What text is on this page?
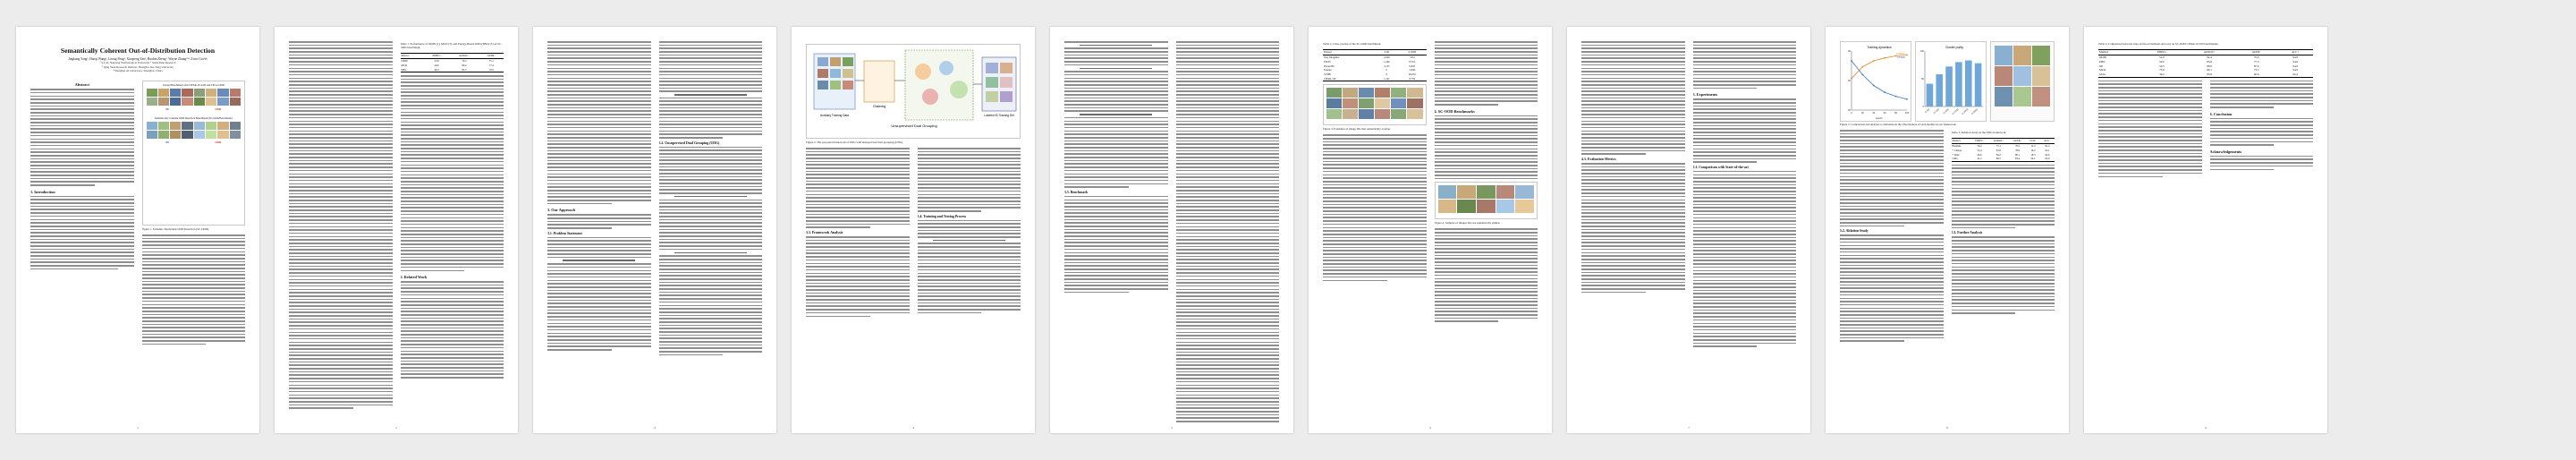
Semantically Coherent Out-of-Distribution Detection
Jingkang Yang¹, Haoqi Wang², Litong Feng², Xiaopeng Yan², Huabin Zheng², Wayne Zhang²³⁴, Ziwei Liu¹✉
¹ S-Lab, Nanyang Technological University ² SenseTime Research
³ Qing Yuan Research Institute, Shanghai Jiao Tong University
⁴ Shanghai AI Laboratory, Shanghai, China
Abstract
1. Introduction
Current Benchmark with CIFAR-10 as ID and TIN as OOD
ID	OOD
Semantically Coherent OOD Detection Benchmark (SC-OOD Benchmark)
ID	OOD
Figure 1. Semantic-Equivalent OOD Detection (SC-OOD).
1
Table 1. Performance of ODIN [1], MCD [3], and Energy-Based OOD (EBO) [5] on SC-OOD benchmark.
Metrics	FPR95↓	AUROC↑	AUPR↑
ODIN	52.8	79.3	75.1
MCD	49.6	80.2	77.4
EBO	48.3	82.5	79.9
2. Related Work
2
3. Our Approach
3.1. Problem Statement
3.2. Unsupervised Dual Grouping (UDG)
3
Unsupervised Dual Grouping
Auxiliary Training Data
Clustering
Labeled ID Training Set
Figure 2. The proposed framework of UDG with unsupervised dual grouping (UDG).
3.3. Framework Analysis
3.4. Training and Testing Process
4
3.5. Benchmark
5
Table 2. Class-overlap of the SC-OOD benchmark.
Dataset	# ID	# OOD
Tiny ImageNet	2,049	7,951
LSUN	1,290	8,710
Places365	3,155	6,845
Texture	0	5,640
SVHN	0	26,032
CIFAR-100	1,241	8,759
Figure 3. Examples of image IDs that semantically overlap.
4. SC-OOD Benchmarks
Figure 4. Samples of images that are semantically similar.
6
4.3. Evaluation Metrics
5. Experiments
5.1. Comparison with State-of-the-art
7
Training dynamics
0	20	40	60	80	100
30
60
90
Epoch
AUROC
FPR95
Cluster purity
0
50
100
k=50 k=100 k=500 k=1000 k=2000 k=5000
Figure 5. Comparison and analysis to demonstrate the effectiveness of each module in our framework.
5.2. Ablation Study
Table 3. Ablation study on the UDG framework.
Method	FPR95↓	AUROC↑	AUPR↑	CCR↑	ACC↑
Baseline	59.2	75.1	70.2	12.3	91.4
+ Cluster	52.4	81.0	78.9	16.2	92.1
+ Dual	46.9	84.2	80.1	18.3	92.6
UDG	41.2	86.5	83.4	20.1	93.0
5.3. Further Analysis
8
Table 4. Comparison between state-of-the-art methods and ours on SC-OOD CIFAR-10/100 benchmarks.
Method	FPR95↓	AUROC↑	AUPR↑	ACC↑
ODIN	52.0	82.4	75.9	94.8
EBO	50.0	83.8	77.3	94.8
OE	50.5	88.9	87.9	94.9
MCD	73.0	80.1	73.5	94.9
UDG	36.2	93.8	92.6	92.4
6. Conclusion
Acknowledgements
9
